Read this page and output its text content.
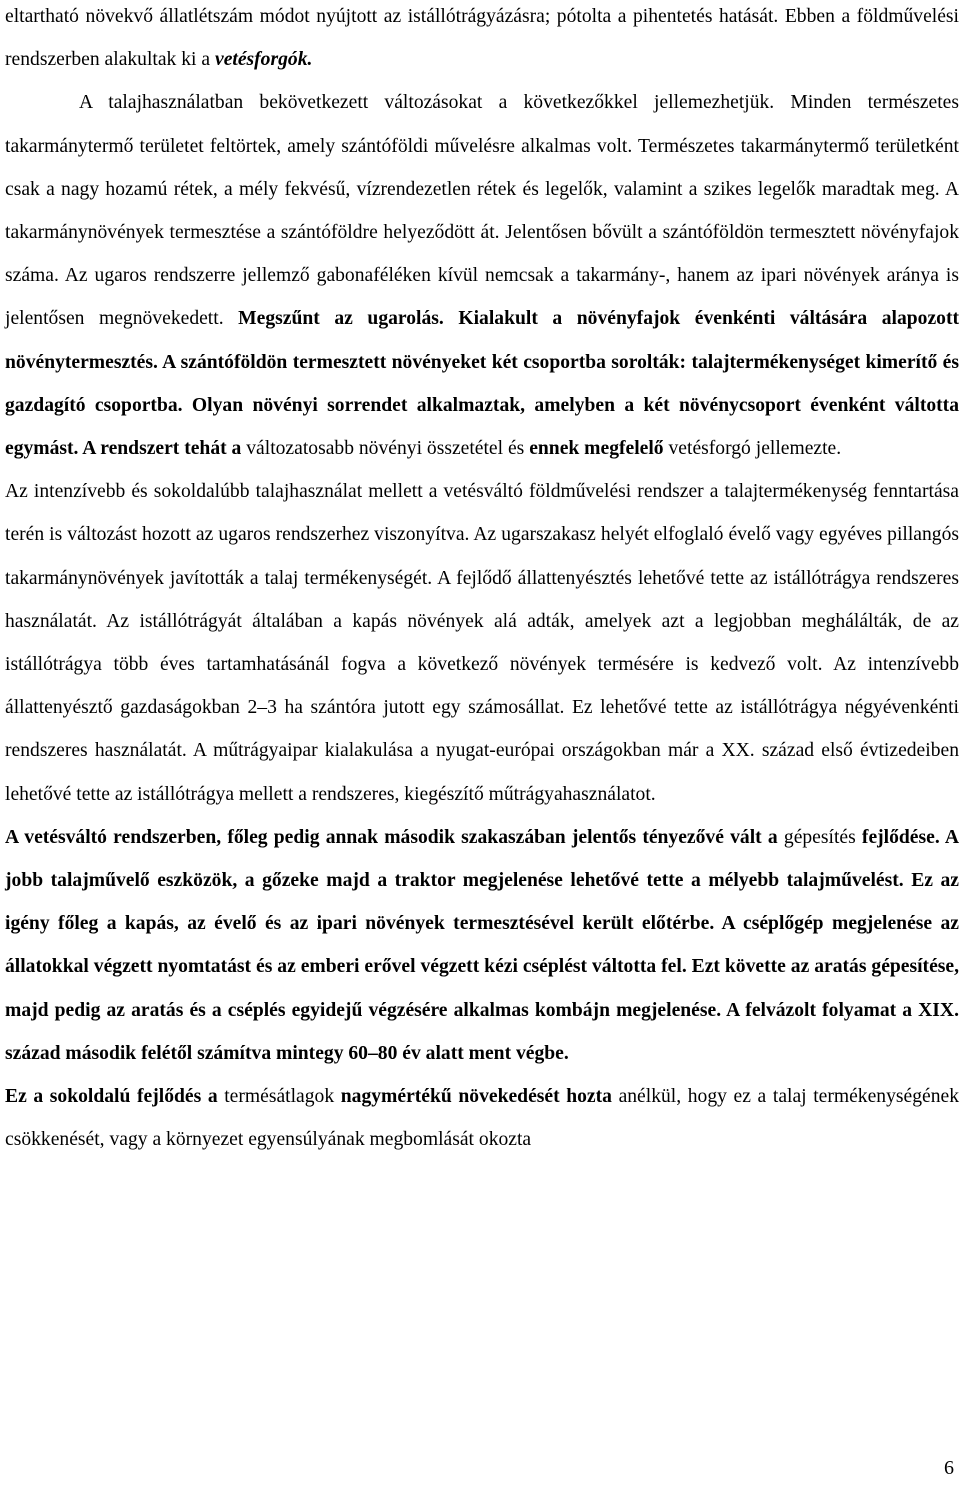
eltartható növekvő állatlétszám módot nyújtott az istállótrágyázásra; pótolta a pihentetés hatását. Ebben a földművelési rendszerben alakultak ki a vetésforgók.

A talajhasználatban bekövetkezett változásokat a következőkkel jellemezhetjük. Minden természetes takarmánytermő területet feltörtek, amely szántóföldi művelésre alkalmas volt. Természetes takarmánytermő területként csak a nagy hozamú rétek, a mély fekvésű, vízrendezetlen rétek és legelők, valamint a szikes legelők maradtak meg. A takarmánynövények termesztése a szántóföldre helyeződött át. Jelentősen bővült a szántóföldön termesztett növényfajok száma. Az ugaros rendszerre jellemző gabonaféléken kívül nemcsak a takarmány-, hanem az ipari növények aránya is jelentősen megnövekedett. Megszűnt az ugarolás. Kialakult a növényfajok évenkénti váltására alapozott növénytermesztés. A szántóföldön termesztett növényeket két csoportba sorolták: talajtermékenységet kimerítő és gazdagító csoportba. Olyan növényi sorrendet alkalmaztak, amelyben a két növénycsoport évenként váltotta egymást. A rendszert tehát a változatosabb növényi összetétel és ennek megfelelő vetésforgó jellemezte.

Az intenzívebb és sokoldalúbb talajhasználat mellett a vetésváltó földművelési rendszer a talajtermékenység fenntartása terén is változást hozott az ugaros rendszerhez viszonyítva. Az ugarszakasz helyét elfoglaló évelő vagy egyéves pillangós takarmánynövények javították a talaj termékenységét. A fejlődő állattenyésztés lehetővé tette az istállótrágya rendszeres használatát. Az istállótrágyát általában a kapás növények alá adták, amelyek azt a legjobban meghálálták, de az istállótrágya több éves tartamhatásánál fogva a következő növények termésére is kedvező volt. Az intenzívebb állattenyésztő gazdaságokban 2–3 ha szántóra jutott egy számosállat. Ez lehetővé tette az istállótrágya négyévenkénti rendszeres használatát. A műtrágyaipar kialakulása a nyugat-európai országokban már a XX. század első évtizedeiben lehetővé tette az istállótrágya mellett a rendszeres, kiegészítő műtrágyahasználatot.

A vetésváltó rendszerben, főleg pedig annak második szakaszában jelentős tényezővé vált a gépesítés fejlődése. A jobb talajművelő eszközök, a gőzeke majd a traktor megjelenése lehetővé tette a mélyebb talajművelést. Ez az igény főleg a kapás, az évelő és az ipari növények termesztésével került előtérbe. A cséplőgép megjelenése az állatokkal végzett nyomtatást és az emberi erővel végzett kézi cséplést váltotta fel. Ezt követte az aratás gépesítése, majd pedig az aratás és a cséplés egyidejű végzésére alkalmas kombájn megjelenése. A felvázolt folyamat a XIX. század második felétől számítva mintegy 60–80 év alatt ment végbe.

Ez a sokoldalú fejlődés a termésátlagok nagymértékű növekedését hozta anélkül, hogy ez a talaj termékenységének csökkenését, vagy a környezet egyensúlyának megbomlását okozta

6
